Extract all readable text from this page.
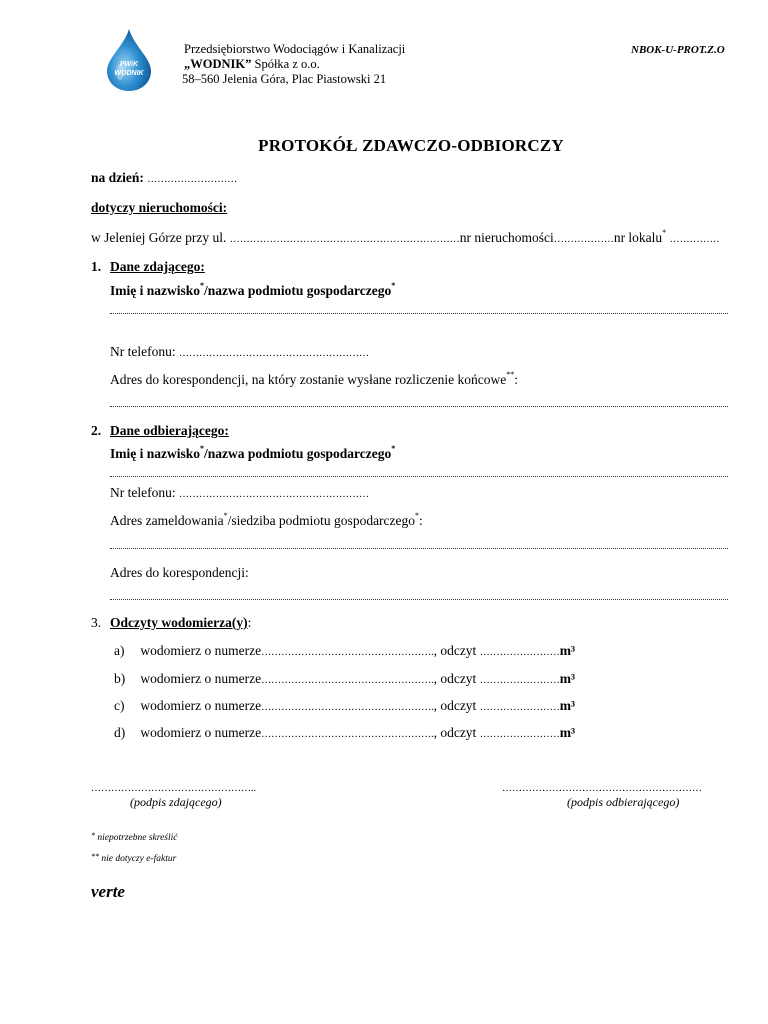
PWiK
WODNIK
Przedsiębiorstwo Wodociągów i Kanalizacji
„WODNIK” Spółka z o.o.
58–560 Jelenia Góra, Plac Piastowski 21
NBOK-U-PROT.Z.O
PROTOKÓŁ ZDAWCZO-ODBIORCZY
na dzień: ………………………
dotyczy nieruchomości:
w Jeleniej Górze przy ul. ……………………………………………………………nr nieruchomości………………nr lokalu* ……………
1. Dane zdającego:
Imię i nazwisko*/nazwa podmiotu gospodarczego*
Nr telefonu: …………………………………………………
Adres do korespondencji, na który zostanie wysłane rozliczenie końcowe**:
2. Dane odbierającego:
Imię i nazwisko*/nazwa podmiotu gospodarczego*
Nr telefonu: …………………………………………………
Adres zameldowania*/siedziba podmiotu gospodarczego*:
Adres do korespondencji:
3. Odczyty wodomierza(y):
a) wodomierz o numerze……………………………………………., odczyt ……………………m³
b) wodomierz o numerze……………………………………………., odczyt ……………………m³
c) wodomierz o numerze……………………………………………., odczyt ……………………m³
d) wodomierz o numerze……………………………………………., odczyt ……………………m³
…………………………………………..
(podpis zdającego)
……………………………………………………
(podpis odbierającego)
* niepotrzebne skreślić
** nie dotyczy e-faktur
verte
